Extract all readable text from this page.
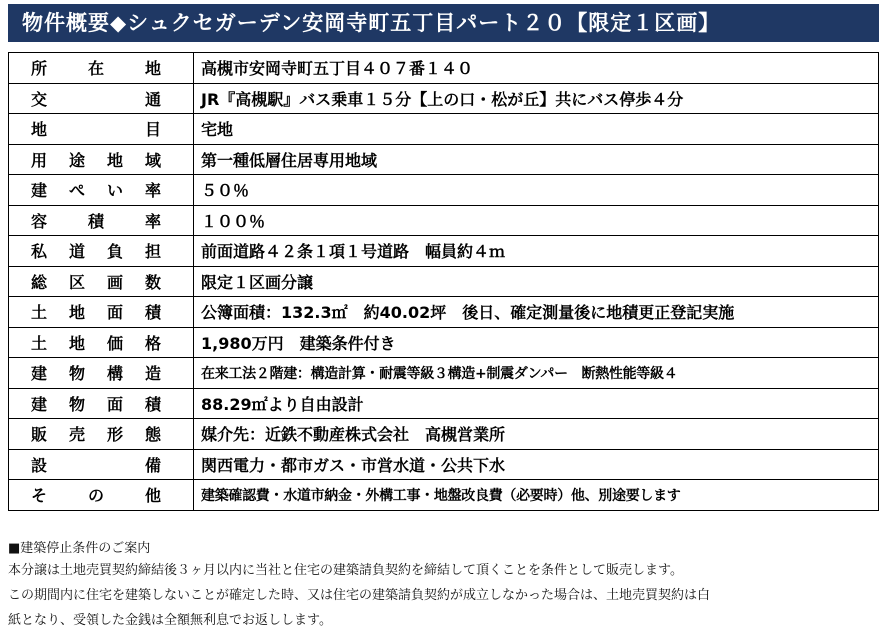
物件概要◆シュクセガーデン安岡寺町五丁目パート２０【限定１区画】
所在地	高槻市安岡寺町五丁目４０７番１４０
交通	JR『高槻駅』バス乗車１５分【上の口・松が丘】共にバス停歩４分
地目	宅地
用途地域	第一種低層住居専用地域
建ぺい率	５０％
容積率	１００％
私道負担	前面道路４２条１項１号道路　幅員約４ｍ
総区画数	限定１区画分譲
土地面積	公簿面積：132.3㎡　約40.02坪　後日、確定測量後に地積更正登記実施
土地価格	1,980万円　建築条件付き
建物構造	在来工法２階建：構造計算・耐震等級３構造+制震ダンパー　断熱性能等級４
建物面積	88.29㎡より自由設計
販売形態	媒介先：近鉄不動産株式会社　高槻営業所
設備	関西電力・都市ガス・市営水道・公共下水
その他	建築確認費・水道市納金・外構工事・地盤改良費（必要時）他、別途要します
■建築停止条件のご案内
本分譲は土地売買契約締結後３ヶ月以内に当社と住宅の建築請負契約を締結して頂くことを条件として販売します。
この期間内に住宅を建築しないことが確定した時、又は住宅の建築請負契約が成立しなかった場合は、土地売買契約は白
紙となり、受領した金銭は全額無利息でお返しします。
